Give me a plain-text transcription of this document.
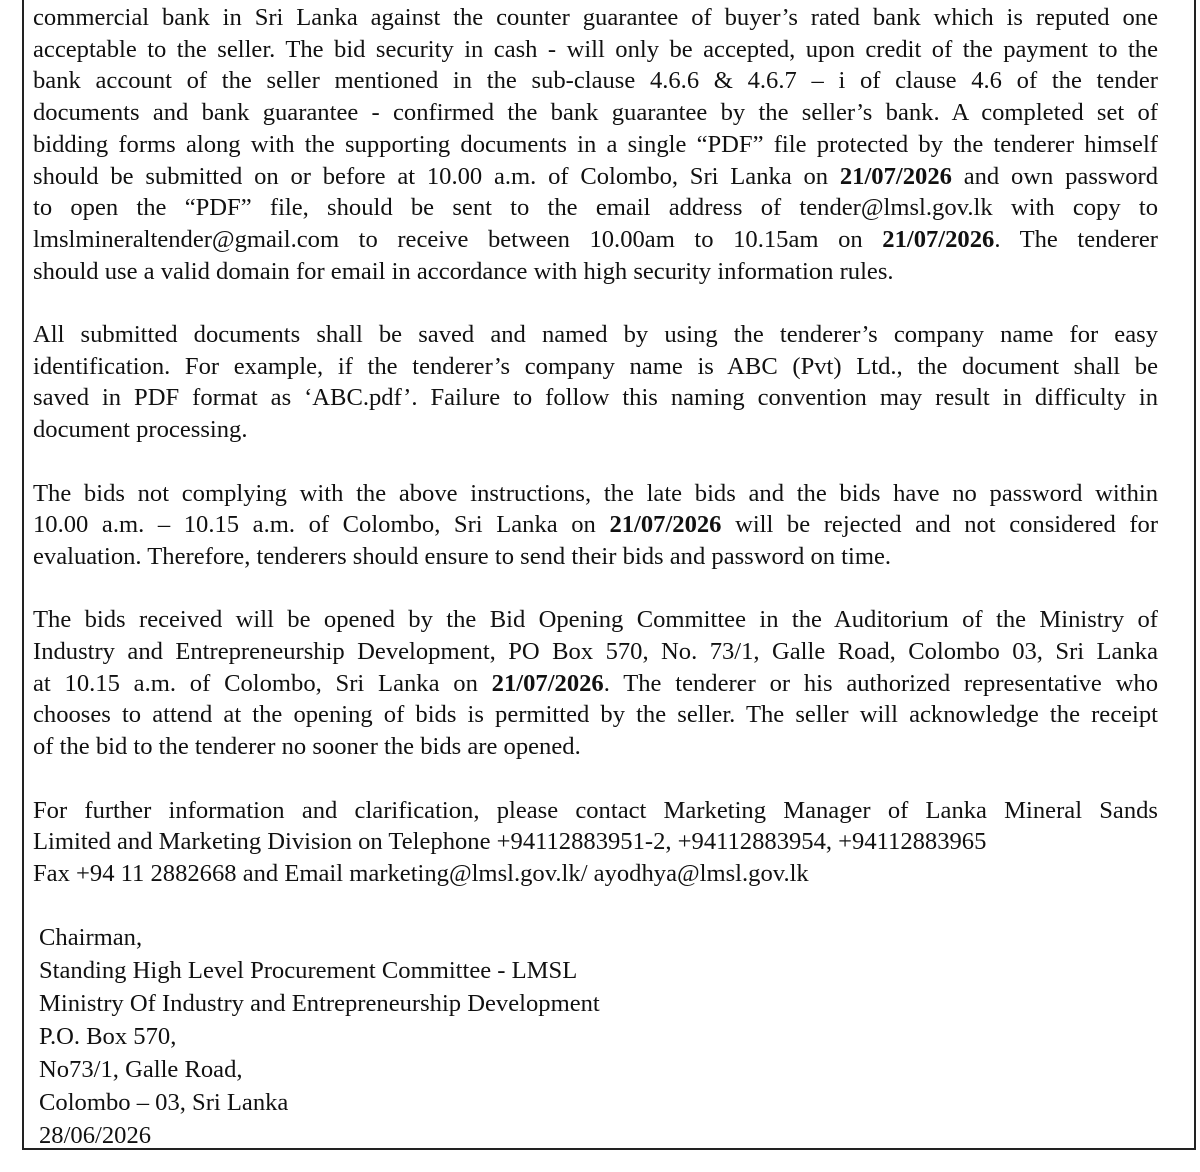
commercial bank in Sri Lanka against the counter guarantee of buyer’s rated bank which is reputed one
acceptable to the seller. The bid security in cash - will only be accepted, upon credit of the payment to the
bank account of the seller mentioned in the sub-clause 4.6.6 & 4.6.7 – i of clause 4.6 of the tender
documents and bank guarantee - confirmed the bank guarantee by the seller’s bank. A completed set of
bidding forms along with the supporting documents in a single “PDF” file protected by the tenderer himself
should be submitted on or before at 10.00 a.m. of Colombo, Sri Lanka on 21/07/2026 and own password
to open the “PDF” file, should be sent to the email address of tender@lmsl.gov.lk with copy to
lmslmineraltender@gmail.com to receive between 10.00am to 10.15am on 21/07/2026. The tenderer
should use a valid domain for email in accordance with high security information rules.
All submitted documents shall be saved and named by using the tenderer’s company name for easy
identification. For example, if the tenderer’s company name is ABC (Pvt) Ltd., the document shall be
saved in PDF format as ‘ABC.pdf’. Failure to follow this naming convention may result in difficulty in
document processing.
The bids not complying with the above instructions, the late bids and the bids have no password within
10.00 a.m. – 10.15 a.m. of Colombo, Sri Lanka on 21/07/2026 will be rejected and not considered for
evaluation. Therefore, tenderers should ensure to send their bids and password on time.
The bids received will be opened by the Bid Opening Committee in the Auditorium of the Ministry of
Industry and Entrepreneurship Development, PO Box 570, No. 73/1, Galle Road, Colombo 03, Sri Lanka
at 10.15 a.m. of Colombo, Sri Lanka on 21/07/2026. The tenderer or his authorized representative who
chooses to attend at the opening of bids is permitted by the seller. The seller will acknowledge the receipt
of the bid to the tenderer no sooner the bids are opened.
For further information and clarification, please contact Marketing Manager of Lanka Mineral Sands
Limited and Marketing Division on Telephone +94112883951-2, +94112883954, +94112883965
Fax +94 11 2882668 and Email marketing@lmsl.gov.lk/ ayodhya@lmsl.gov.lk
Chairman,
Standing High Level Procurement Committee - LMSL
Ministry Of Industry and Entrepreneurship Development
P.O. Box 570,
No73/1, Galle Road,
Colombo – 03, Sri Lanka
28/06/2026
